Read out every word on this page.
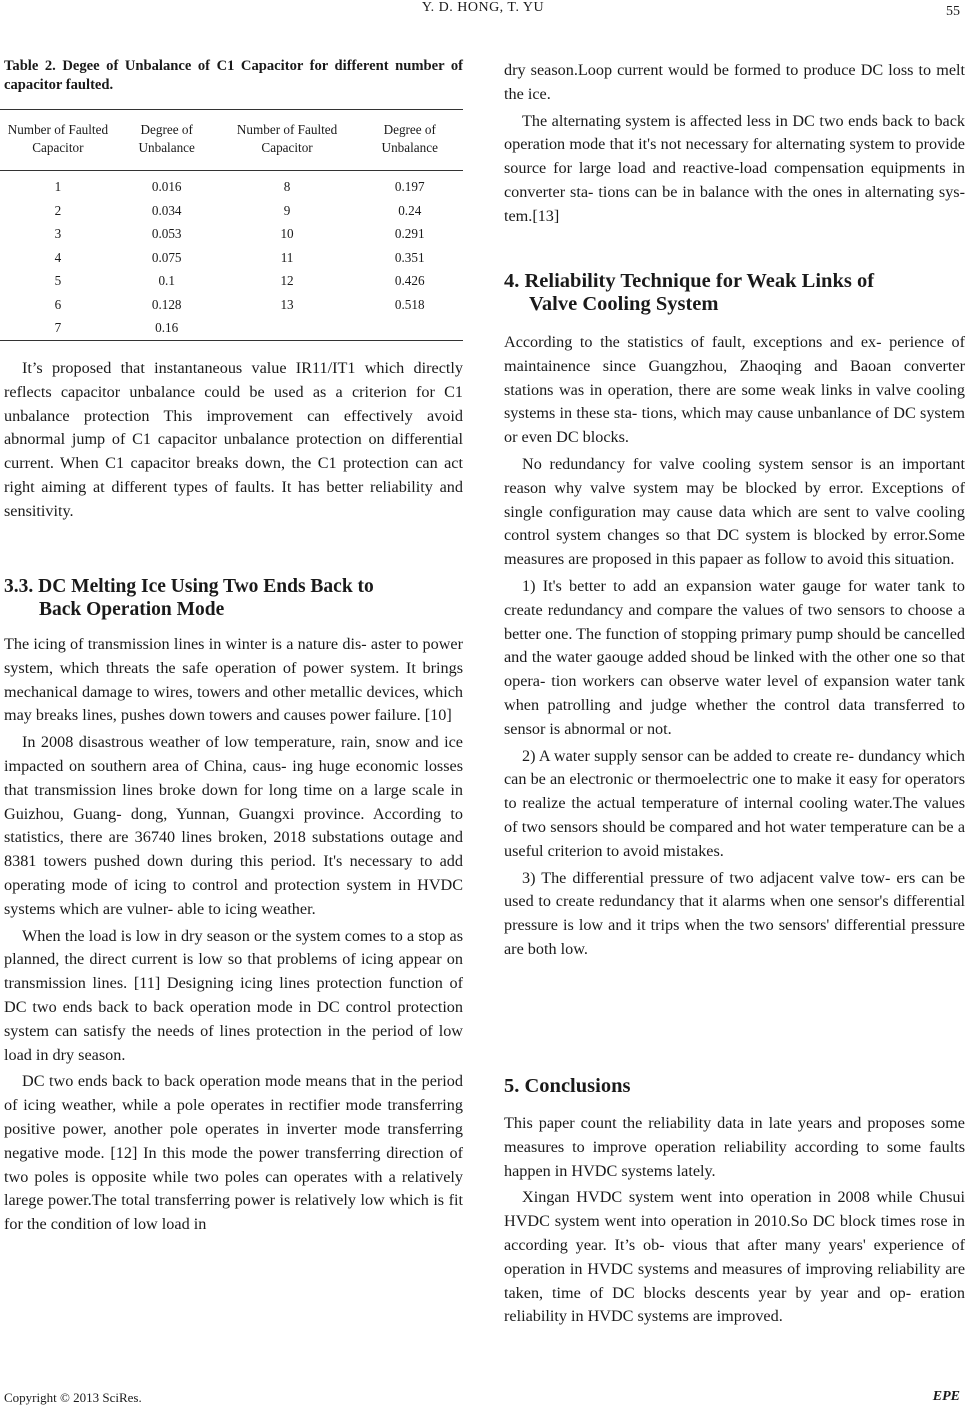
Y. D. HONG, T. YU	55
Table 2. Degee of Unbalance of C1 Capacitor for different number of capacitor faulted.
Number of Faulted Capacitor	Degree of Unbalance	Number of Faulted Capacitor	Degree of Unbalance
1	0.016	8	0.197
2	0.034	9	0.24
3	0.053	10	0.291
4	0.075	11	0.351
5	0.1	12	0.426
6	0.128	13	0.518
7	0.16		

It’s proposed that instantaneous value IR11/IT1 which directly reflects capacitor unbalance could be used as a criterion for C1 unbalance protection This improvement can effectively avoid abnormal jump of C1 capacitor unbalance protection on differential current. When C1 capacitor breaks down, the C1 protection can act right aiming at different types of faults. It has better reliability and sensitivity.

3.3. DC Melting Ice Using Two Ends Back to
Back Operation Mode

The icing of transmission lines in winter is a nature dis- aster to power system, which threats the safe operation of power system. It brings mechanical damage to wires, towers and other metallic devices, which may breaks lines, pushes down towers and causes power failure. [10]

In 2008 disastrous weather of low temperature, rain, snow and ice impacted on southern area of China, caus- ing huge economic losses that transmission lines broke down for long time on a large scale in Guizhou, Guang- dong, Yunnan, Guangxi province. According to statistics, there are 36740 lines broken, 2018 substations outage and 8381 towers pushed down during this period. It's necessary to add operating mode of icing to control and protection system in HVDC systems which are vulner- able to icing weather.

When the load is low in dry season or the system comes to a stop as planned, the direct current is low so that problems of icing appear on transmission lines. [11] Designing icing lines protection function of DC two ends back to back operation mode in DC control protection system can satisfy the needs of lines protection in the period of low load in dry season.

DC two ends back to back operation mode means that in the period of icing weather, while a pole operates in rectifier mode transferring positive power, another pole operates in inverter mode transferring negative mode. [12] In this mode the power transferring direction of two poles is opposite while two poles can operates with a relatively larege power.The total transferring power is relatively low which is fit for the condition of low load in

dry season.Loop current would be formed to produce DC loss to melt the ice.

The alternating system is affected less in DC two ends back to back operation mode that it's not necessary for alternating system to provide source for large load and reactive-load compensation equipments in converter sta- tions can be in balance with the ones in alternating sys- tem.[13]

4. Reliability Technique for Weak Links of
Valve Cooling System

According to the statistics of fault, exceptions and ex- perience of maintainence since Guangzhou, Zhaoqing and Baoan converter stations was in operation, there are some weak links in valve cooling systems in these sta- tions, which may cause unbanlance of DC system or even DC blocks.

No redundancy for valve cooling system sensor is an important reason why valve system may be blocked by error. Exceptions of single configuration may cause data which are sent to valve cooling control system changes so that DC system is blocked by error.Some measures are proposed in this papaer as follow to avoid this situation.

1) It's better to add an expansion water gauge for water tank to create redundancy and compare the values of two sensors to choose a better one. The function of stopping primary pump should be cancelled and the water gaouge added shoud be linked with the other one so that opera- tion workers can observe water level of expansion water tank when patrolling and judge whether the control data transferred to sensor is abnormal or not.

2) A water supply sensor can be added to create re- dundancy which can be an electronic or thermoelectric one to make it easy for operators to realize the actual temperature of internal cooling water.The values of two sensors should be compared and hot water temperature can be a useful criterion to avoid mistakes.

3) The differential pressure of two adjacent valve tow- ers can be used to create redundancy that it alarms when one sensor's differential pressure is low and it trips when the two sensors' differential pressure are both low.

5. Conclusions

This paper count the reliability data in late years and proposes some measures to improve operation reliability according to some faults happen in HVDC systems lately.

Xingan HVDC system went into operation in 2008 while Chusui HVDC system went into operation in 2010.So DC block times rose in according year. It’s ob- vious that after many years' experience of operation in HVDC systems and measures of improving reliability are taken, time of DC blocks descents year by year and op- eration reliability in HVDC systems are improved.

Copyright © 2013 SciRes.	EPE
